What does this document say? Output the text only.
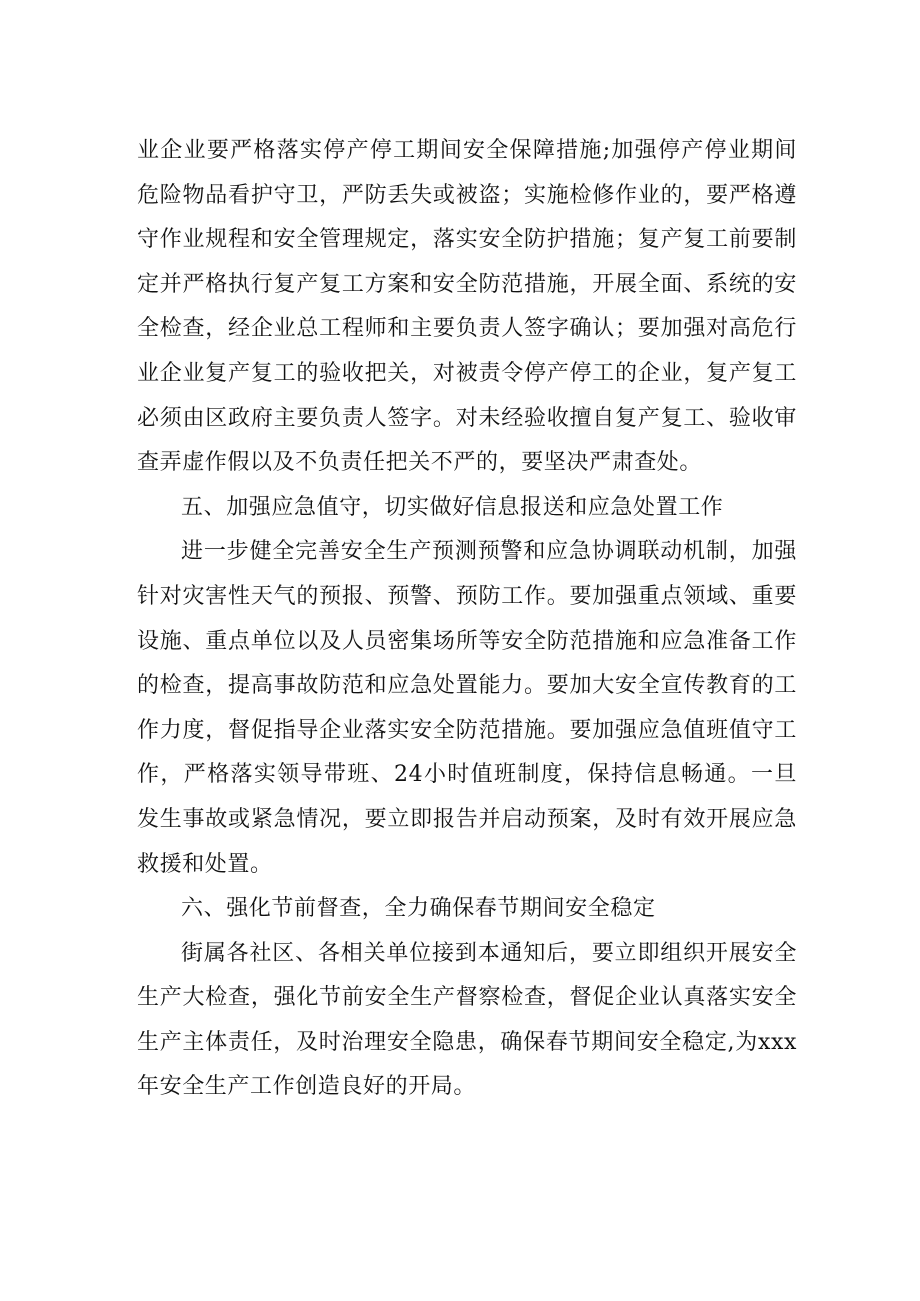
业企业要严格落实停产停工期间安全保障措施;加强停产停业期间危险物品看护守卫，严防丢失或被盗；实施检修作业的，要严格遵守作业规程和安全管理规定，落实安全防护措施；复产复工前要制定并严格执行复产复工方案和安全防范措施，开展全面、系统的安全检查，经企业总工程师和主要负责人签字确认；要加强对高危行业企业复产复工的验收把关，对被责令停产停工的企业，复产复工必须由区政府主要负责人签字。对未经验收擅自复产复工、验收审查弄虚作假以及不负责任把关不严的，要坚决严肃查处。

五、加强应急值守，切实做好信息报送和应急处置工作

进一步健全完善安全生产预测预警和应急协调联动机制，加强针对灾害性天气的预报、预警、预防工作。要加强重点领域、重要设施、重点单位以及人员密集场所等安全防范措施和应急准备工作的检查，提高事故防范和应急处置能力。要加大安全宣传教育的工作力度，督促指导企业落实安全防范措施。要加强应急值班值守工作，严格落实领导带班、24小时值班制度，保持信息畅通。一旦发生事故或紧急情况，要立即报告并启动预案，及时有效开展应急救援和处置。

六、强化节前督查，全力确保春节期间安全稳定

街属各社区、各相关单位接到本通知后，要立即组织开展安全生产大检查，强化节前安全生产督察检查，督促企业认真落实安全生产主体责任，及时治理安全隐患，确保春节期间安全稳定,为xxx年安全生产工作创造良好的开局。
